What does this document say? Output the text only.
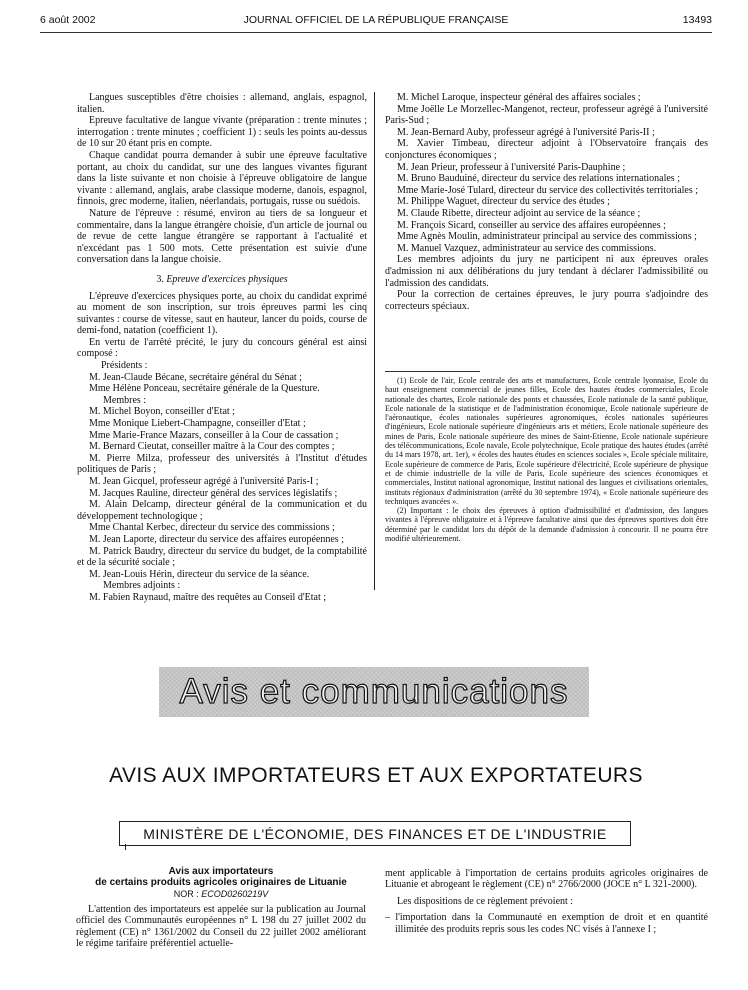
6 août 2002	JOURNAL OFFICIEL DE LA RÉPUBLIQUE FRANÇAISE	13493

Langues susceptibles d'être choisies : allemand, anglais, espagnol, italien.

Epreuve facultative de langue vivante (préparation : trente minutes ; interrogation : trente minutes ; coefficient 1) : seuls les points au-dessus de 10 sur 20 étant pris en compte.

Chaque candidat pourra demander à subir une épreuve facultative portant, au choix du candidat, sur une des langues vivantes figurant dans la liste suivante et non choisie à l'épreuve obligatoire de langue vivante : allemand, anglais, arabe classique moderne, danois, espagnol, finnois, grec moderne, italien, néerlandais, portugais, russe ou suédois.

Nature de l'épreuve : résumé, environ au tiers de sa longueur et commentaire, dans la langue étrangère choisie, d'un article de journal ou de revue de cette langue étrangère se rapportant à l'actualité et n'excédant pas 1 500 mots. Cette présentation est suivie d'une conversation dans la langue choisie.

3. Epreuve d'exercices physiques

L'épreuve d'exercices physiques porte, au choix du candidat exprimé au moment de son inscription, sur trois épreuves parmi les cinq suivantes : course de vitesse, saut en hauteur, lancer du poids, course de demi-fond, natation (coefficient 1).

En vertu de l'arrêté précité, le jury du concours général est ainsi composé :

Présidents :

M. Jean-Claude Bécane, secrétaire général du Sénat ;

Mme Hélène Ponceau, secrétaire générale de la Questure.

Membres :

M. Michel Boyon, conseiller d'Etat ;

Mme Monique Liebert-Champagne, conseiller d'Etat ;

Mme Marie-France Mazars, conseiller à la Cour de cassation ;

M. Bernard Cieutat, conseiller maître à la Cour des comptes ;

M. Pierre Milza, professeur des universités à l'Institut d'études politiques de Paris ;

M. Jean Gicquel, professeur agrégé à l'université Paris-I ;

M. Jacques Rauline, directeur général des services législatifs ;

M. Alain Delcamp, directeur général de la communication et du développement technologique ;

Mme Chantal Kerbec, directeur du service des commissions ;

M. Jean Laporte, directeur du service des affaires européennes ;

M. Patrick Baudry, directeur du service du budget, de la comptabilité et de la sécurité sociale ;

M. Jean-Louis Hérin, directeur du service de la séance.

Membres adjoints :

M. Fabien Raynaud, maître des requêtes au Conseil d'Etat ;

M. Michel Laroque, inspecteur général des affaires sociales ;

Mme Joëlle Le Morzellec-Mangenot, recteur, professeur agrégé à l'université Paris-Sud ;

M. Jean-Bernard Auby, professeur agrégé à l'université Paris-II ;

M. Xavier Timbeau, directeur adjoint à l'Observatoire français des conjonctures économiques ;

M. Jean Prieur, professeur à l'université Paris-Dauphine ;

M. Bruno Bauduiné, directeur du service des relations internationales ;

Mme Marie-José Tulard, directeur du service des collectivités territoriales ;

M. Philippe Waguet, directeur du service des études ;

M. Claude Ribette, directeur adjoint au service de la séance ;

M. François Sicard, conseiller au service des affaires européennes ;

Mme Agnès Moulin, administrateur principal au service des commissions ;

M. Manuel Vazquez, administrateur au service des commissions.

Les membres adjoints du jury ne participent ni aux épreuves orales d'admission ni aux délibérations du jury tendant à déclarer l'admissibilité ou l'admission des candidats.

Pour la correction de certaines épreuves, le jury pourra s'adjoindre des correcteurs spéciaux.

(1) Ecole de l'air, Ecole centrale des arts et manufactures, Ecole centrale lyonnaise, Ecole du haut enseignement commercial de jeunes filles, Ecole des hautes études commerciales, Ecole nationale des chartes, Ecole nationale des ponts et chaussées, Ecole nationale de la santé publique, Ecole nationale de la statistique et de l'administration économique, Ecole nationale supérieure de l'aéronautique, écoles nationales supérieures agronomiques, écoles nationales supérieures d'ingénieurs, Ecole nationale supérieure d'ingénieurs arts et métiers, Ecole nationale supérieure des mines de Paris, Ecole nationale supérieure des mines de Saint-Etienne, Ecole nationale supérieure des télécommunications, Ecole navale, Ecole polytechnique, Ecole pratique des hautes études (arrêté du 14 mars 1978, art. 1er), « écoles des hautes études en sciences sociales », Ecole spéciale militaire, Ecole supérieure de commerce de Paris, Ecole supérieure d'électricité, Ecole supérieure de physique et de chimie industrielle de la ville de Paris, Ecole supérieure des sciences économiques et commerciales, Institut national agronomique, Institut national des langues et civilisations orientales, instituts régionaux d'administration (arrêté du 30 septembre 1974), « Ecole nationale supérieure des techniques avancées ».

(2) Important : le choix des épreuves à option d'admissibilité et d'admission, des langues vivantes à l'épreuve obligatoire et à l'épreuve facultative ainsi que des épreuves sportives doit être déterminé par le candidat lors du dépôt de la demande d'admission à concourir. Il ne pourra être modifié ultérieurement.

Avis et communications
AVIS AUX IMPORTATEURS ET AUX EXPORTATEURS
MINISTÈRE DE L'ÉCONOMIE, DES FINANCES ET DE L'INDUSTRIE
Avis aux importateurs
de certains produits agricoles originaires de Lituanie
NOR : ECOD0260219V
L'attention des importateurs est appelée sur la publication au Journal officiel des Communautés européennes n° L 198 du 27 juillet 2002 du règlement (CE) n° 1361/2002 du Conseil du 22 juillet 2002 améliorant le régime tarifaire préférentiel actuelle-

ment applicable à l'importation de certains produits agricoles originaires de Lituanie et abrogeant le règlement (CE) n° 2766/2000 (JOCE n° L 321-2000).

Les dispositions de ce règlement prévoient :

– l'importation dans la Communauté en exemption de droit et en quantité illimitée des produits repris sous les codes NC visés à l'annexe I ;
